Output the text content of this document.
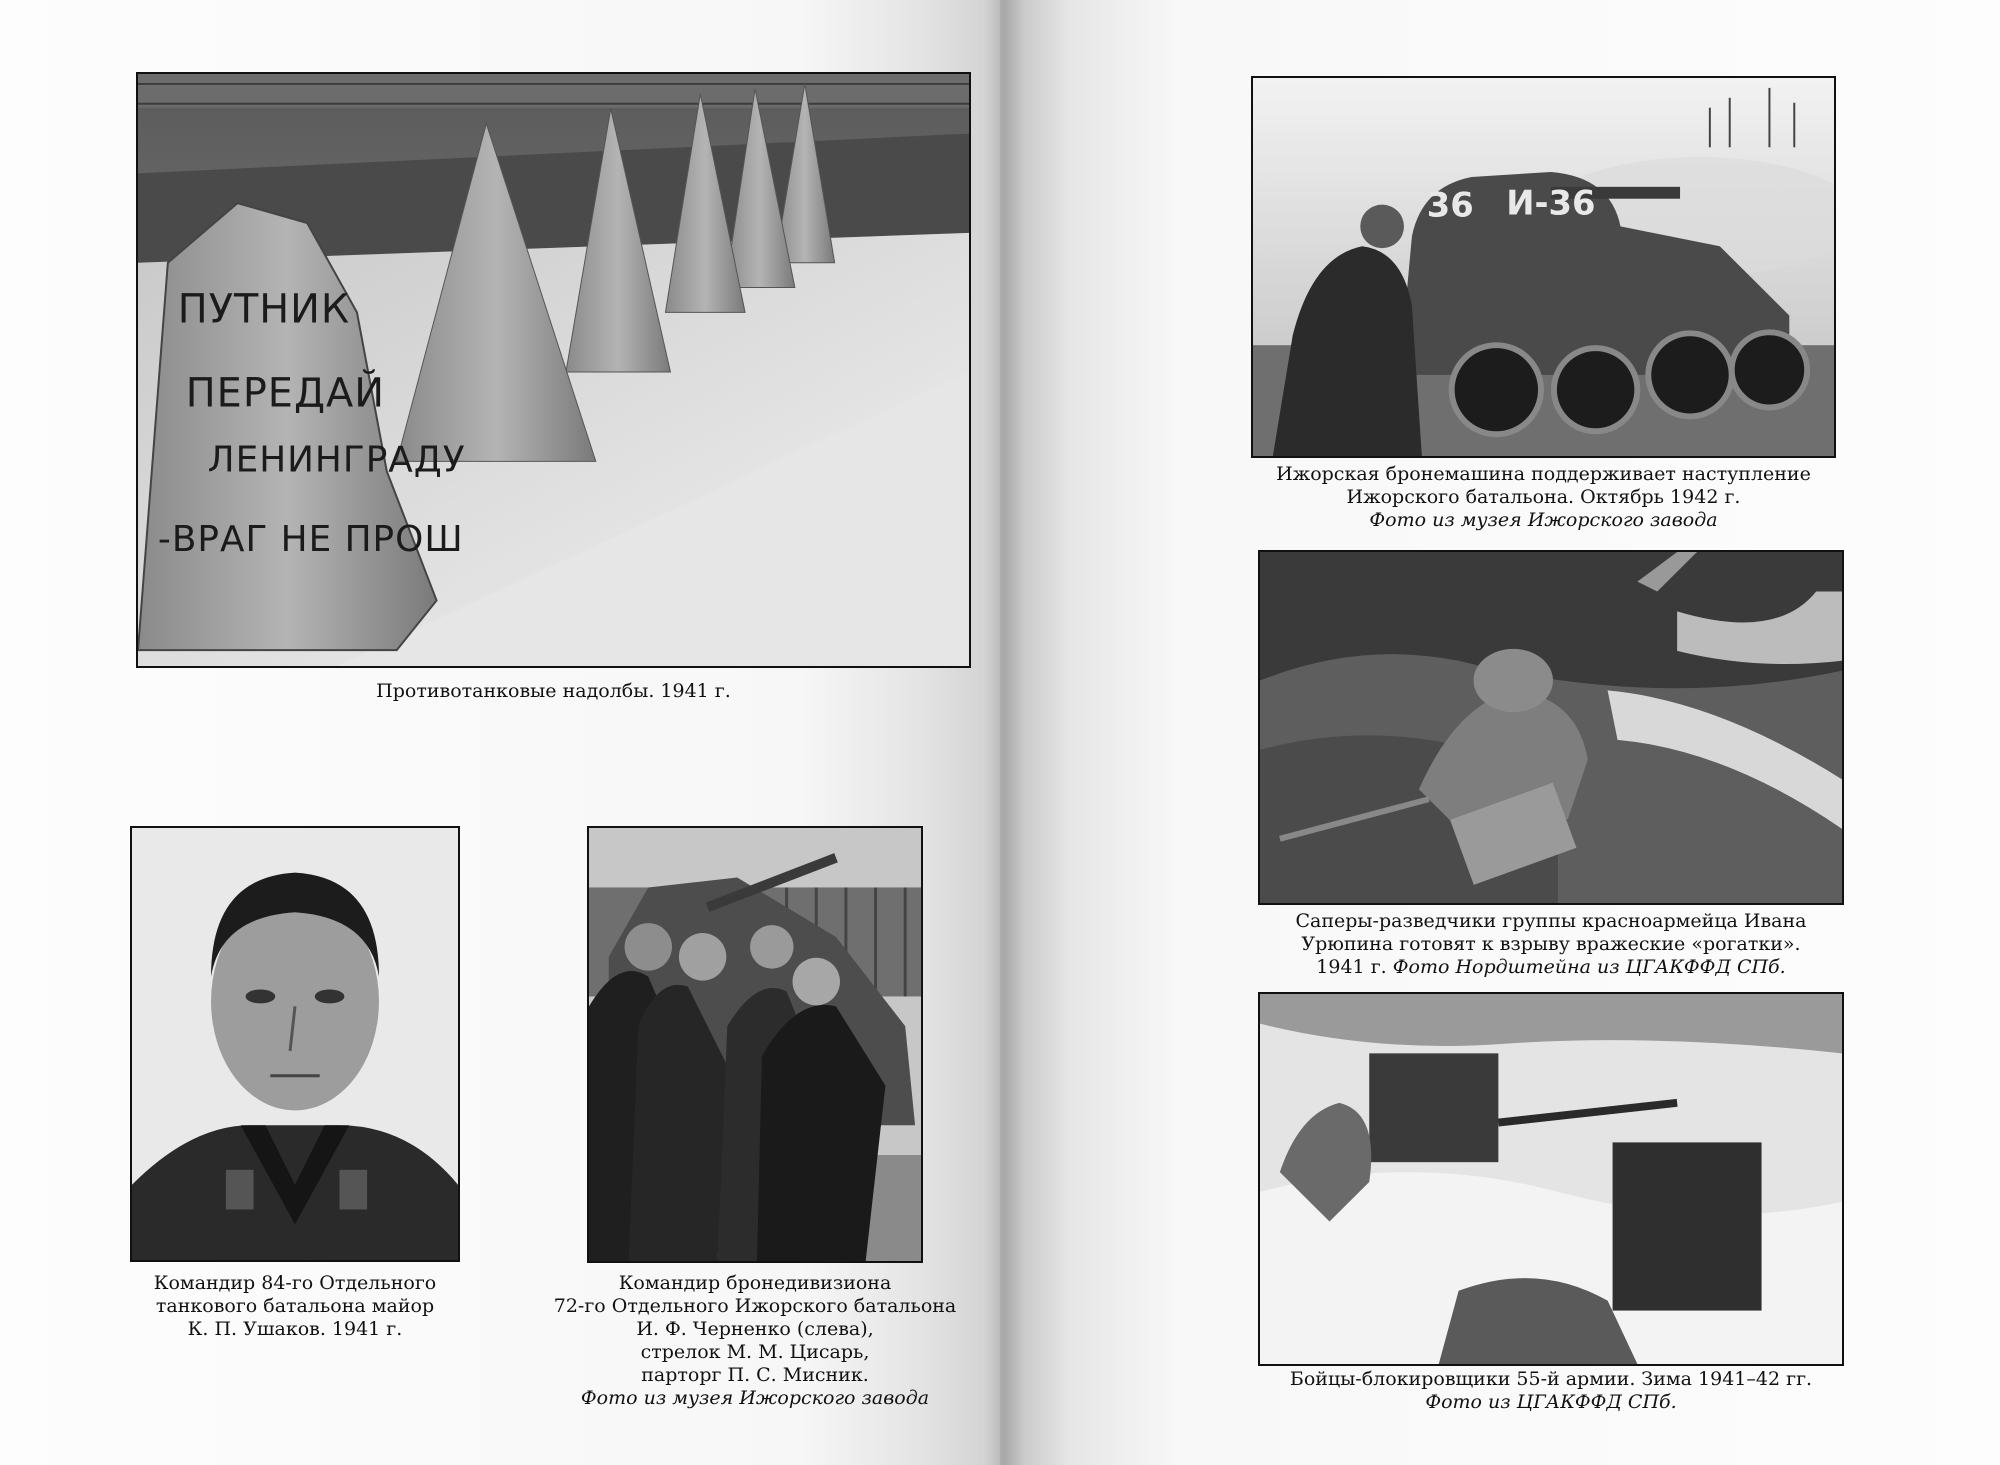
ПУТНИК
ПЕРЕДАЙ
ЛЕНИНГРАДУ
-ВРАГ НЕ ПРОШ
Противотанковые надолбы. 1941 г.
Командир 84-го Отдельного
танкового батальона майор
К. П. Ушаков. 1941 г.
Командир бронедивизиона
72-го Отдельного Ижорского батальона
И. Ф. Черненко (слева),
стрелок М. М. Цисарь,
парторг П. С. Мисник.
Фото из музея Ижорского завода
36 И-36
Ижорская бронемашина поддерживает наступление
Ижорского батальона. Октябрь 1942 г.
Фото из музея Ижорского завода
Саперы-разведчики группы красноармейца Ивана
Урюпина готовят к взрыву вражеские «рогатки».
1941 г. Фото Нордштейна из ЦГАКФФД СПб.
Бойцы-блокировщики 55-й армии. Зима 1941–42 гг.
Фото из ЦГАКФФД СПб.
